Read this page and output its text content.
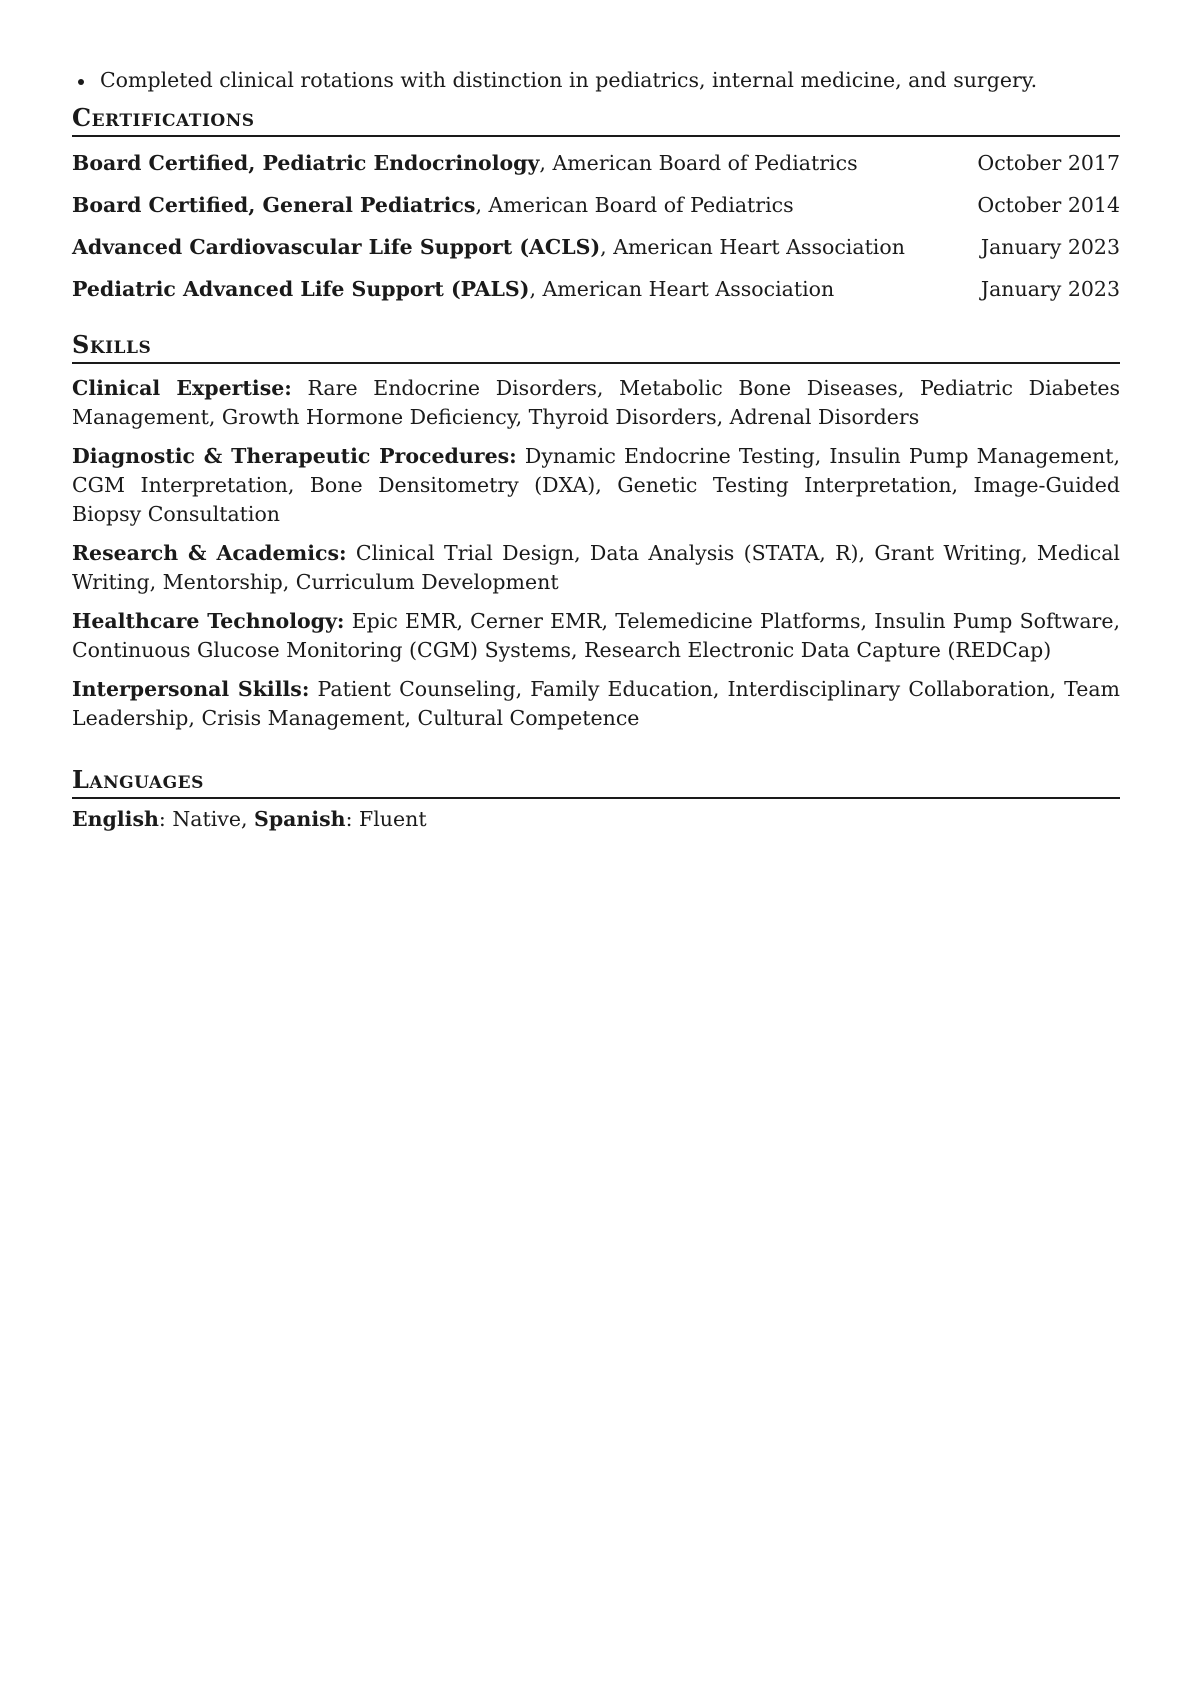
Completed clinical rotations with distinction in pediatrics, internal medicine, and surgery.
Certifications
Board Certified, Pediatric Endocrinology, American Board of Pediatrics	October 2017
Board Certified, General Pediatrics, American Board of Pediatrics	October 2014
Advanced Cardiovascular Life Support (ACLS), American Heart Association	January 2023
Pediatric Advanced Life Support (PALS), American Heart Association	January 2023
Skills

Clinical Expertise: Rare Endocrine Disorders, Metabolic Bone Diseases, Pediatric Diabetes Management, Growth Hormone Deficiency, Thyroid Disorders, Adrenal Disorders

Diagnostic & Therapeutic Procedures: Dynamic Endocrine Testing, Insulin Pump Management, CGM Interpretation, Bone Densitometry (DXA), Genetic Testing Interpretation, Image-Guided Biopsy Consultation

Research & Academics: Clinical Trial Design, Data Analysis (STATA, R), Grant Writing, Medical Writing, Mentorship, Curriculum Development

Healthcare Technology: Epic EMR, Cerner EMR, Telemedicine Platforms, Insulin Pump Software, Continuous Glucose Monitoring (CGM) Systems, Research Electronic Data Capture (REDCap)

Interpersonal Skills: Patient Counseling, Family Education, Interdisciplinary Collaboration, Team Leadership, Crisis Management, Cultural Competence

Languages
English: Native, Spanish: Fluent
